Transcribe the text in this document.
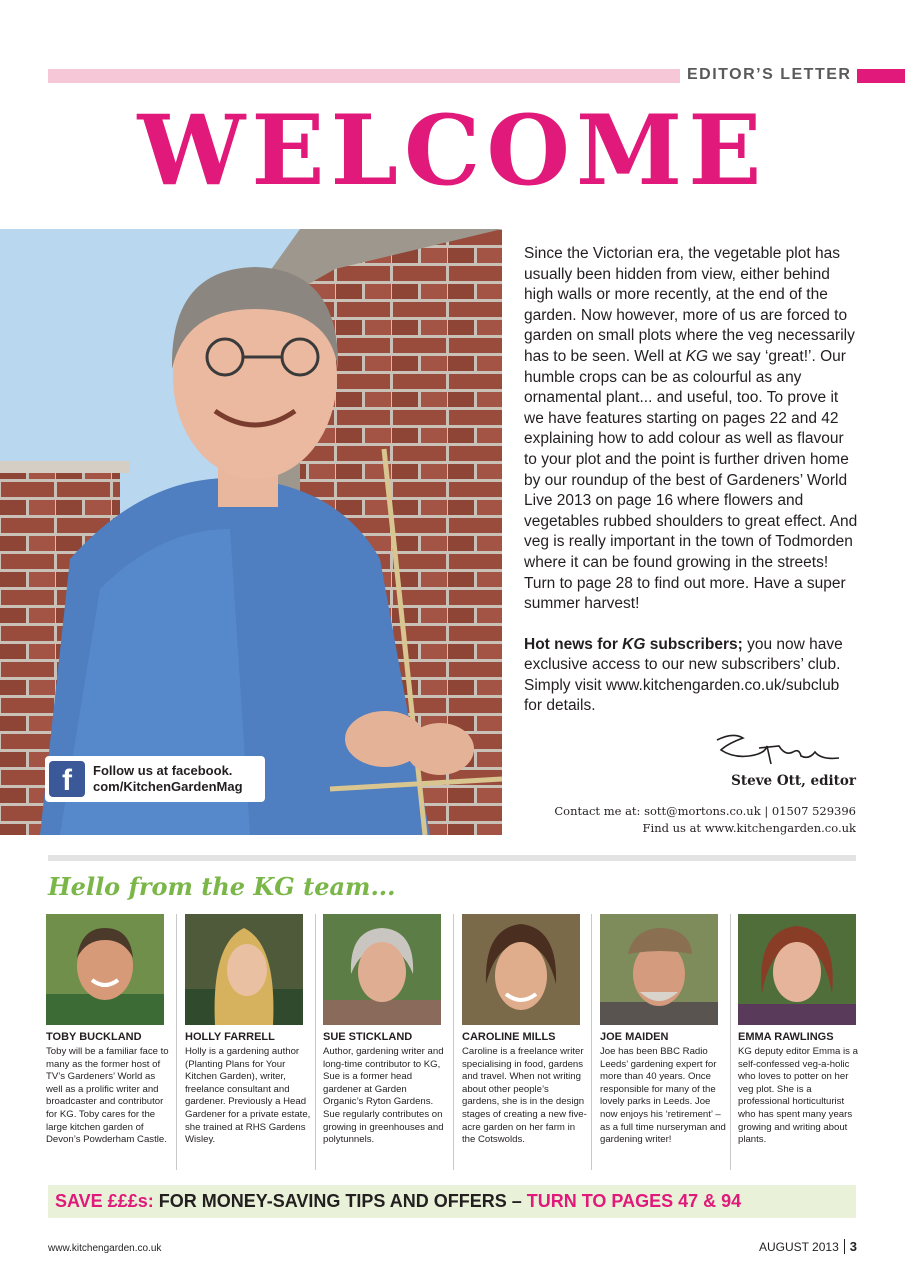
EDITOR’S LETTER
WELCOME
f	Follow us at facebook.
com/KitchenGardenMag

Since the Victorian era, the vegetable plot has usually been hidden from view, either behind high walls or more recently, at the end of the garden. Now however, more of us are forced to garden on small plots where the veg necessarily has to be seen. Well at KG we say ‘great!’. Our humble crops can be as colourful as any ornamental plant... and useful, too. To prove it we have features starting on pages 22 and 42 explaining how to add colour as well as flavour to your plot and the point is further driven home by our roundup of the best of Gardeners’ World Live 2013 on page 16 where flowers and vegetables rubbed shoulders to great effect. And veg is really important in the town of Todmorden where it can be found growing in the streets! Turn to page 28 to find out more. Have a super summer harvest!

Hot news for KG subscribers; you now have exclusive access to our new subscribers’ club. Simply visit www.kitchengarden.co.uk/subclub for details.

Steve Ott, editor
Contact me at: sott@mortons.co.uk | 01507 529396
Find us at www.kitchengarden.co.uk
Hello from the KG team...
TOBY BUCKLAND
Toby will be a familiar face to many as the former host of TV’s Gardeners’ World as well as a prolific writer and broadcaster and contributor for KG. Toby cares for the large kitchen garden of Devon’s Powderham Castle.
HOLLY FARRELL
Holly is a gardening author (Planting Plans for Your Kitchen Garden), writer, freelance consultant and gardener. Previously a Head Gardener for a private estate, she trained at RHS Gardens Wisley.
SUE STICKLAND
Author, gardening writer and long-time contributor to KG, Sue is a former head gardener at Garden Organic’s Ryton Gardens. Sue regularly contributes on growing in greenhouses and polytunnels.
CAROLINE MILLS
Caroline is a freelance writer specialising in food, gardens and travel. When not writing about other people’s gardens, she is in the design stages of creating a new five-acre garden on her farm in the Cotswolds.
JOE MAIDEN
Joe has been BBC Radio Leeds’ gardening expert for more than 40 years. Once responsible for many of the lovely parks in Leeds. Joe now enjoys his ‘retirement’ – as a full time nurseryman and gardening writer!
EMMA RAWLINGS
KG deputy editor Emma is a self-confessed veg-a-holic who loves to potter on her veg plot. She is a professional horticulturist who has spent many years growing and writing about plants.
SAVE £££s: FOR MONEY-SAVING TIPS AND OFFERS – TURN TO PAGES 47 & 94
www.kitchengarden.co.uk	AUGUST 2013 3
